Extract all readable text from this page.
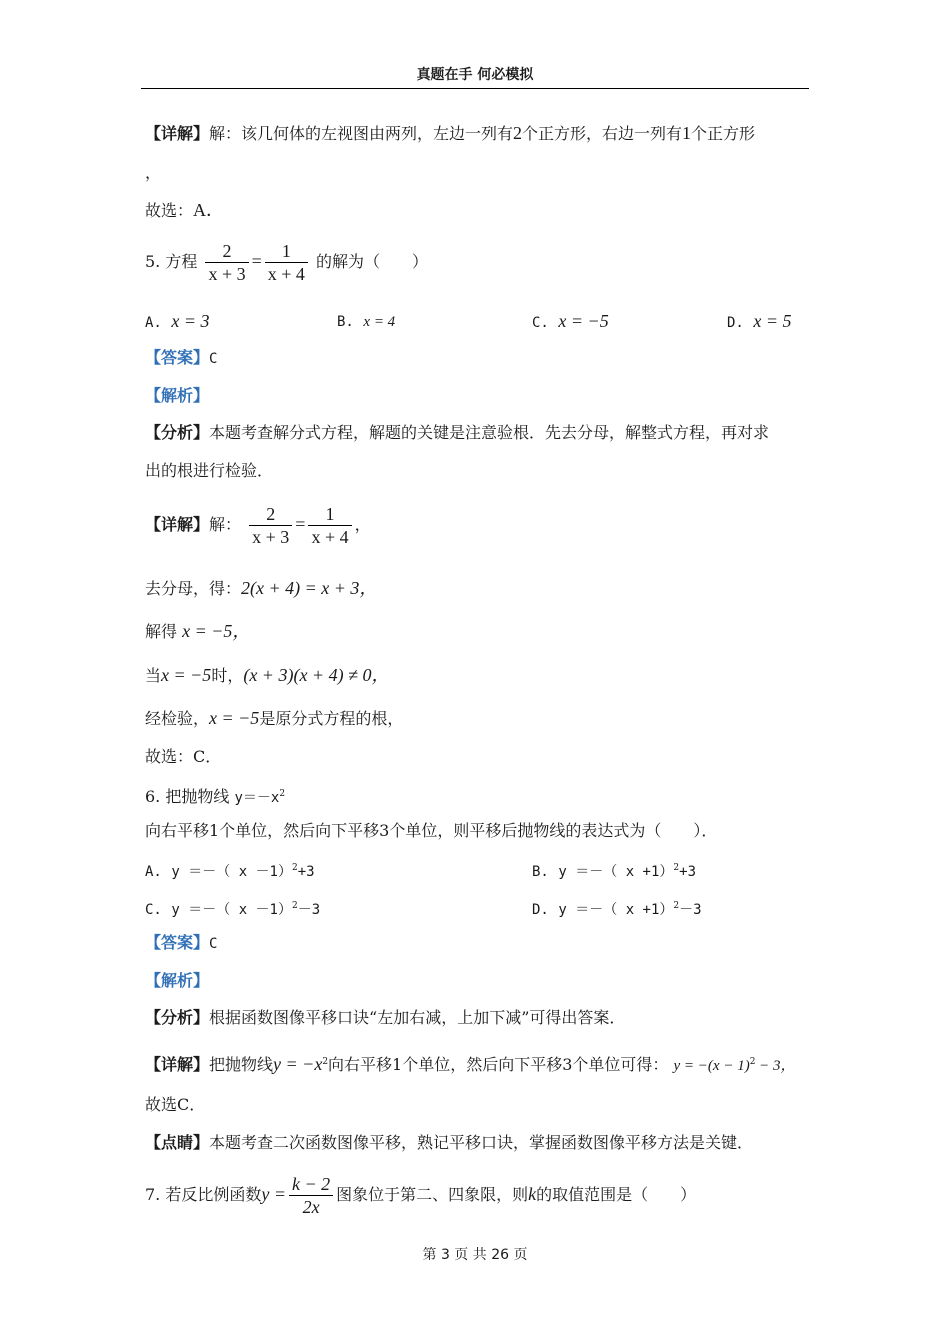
真题在手 何必模拟
【详解】解：该几何体的左视图由两列，左边一列有2个正方形，右边一列有1个正方形
，
故选：A．
5. 方程 $\frac{2}{x + 3} = \frac{1}{x + 4}$ 的解为（　　）
A. x = 3	B. x = 4	C. x = −5	D. x = 5
【答案】C
【解析】
【分析】本题考查解分式方程，解题的关键是注意验根．先去分母，解整式方程，再对求
出的根进行检验．
【详解】解： $\frac{2}{x + 3} = \frac{1}{x + 4}$ ，
去分母，得：2(x + 4) = x + 3，
解得 x = −5，
当x = −5时，(x + 3)(x + 4) ≠ 0，
经检验，x = −5是原分式方程的根，
故选：C．
6. 把抛物线 $y=-x^2$
向右平移1个单位，然后向下平移3个单位，则平移后抛物线的表达式为（　　）．
A. y ＝－（ x －1）$^2$+3	B. y ＝－（ x +1）$^2$+3
C. y ＝－（ x －1）$^2$－3	D. y ＝－（ x +1）$^2$－3
【答案】C
【解析】
【分析】根据函数图像平移口诀“左加右减，上加下减”可得出答案．
【详解】把抛物线$y = -x^2$向右平移1个单位，然后向下平移3个单位可得： $y = -(x - 1)^2 - 3$，
故选C．
【点睛】本题考查二次函数图像平移，熟记平移口诀，掌握函数图像平移方法是关键．
7. 若反比例函数$y = \frac{k - 2}{2x}$ 图象位于第二、四象限，则k的取值范围是（　　）
第 3 页 共 26 页
